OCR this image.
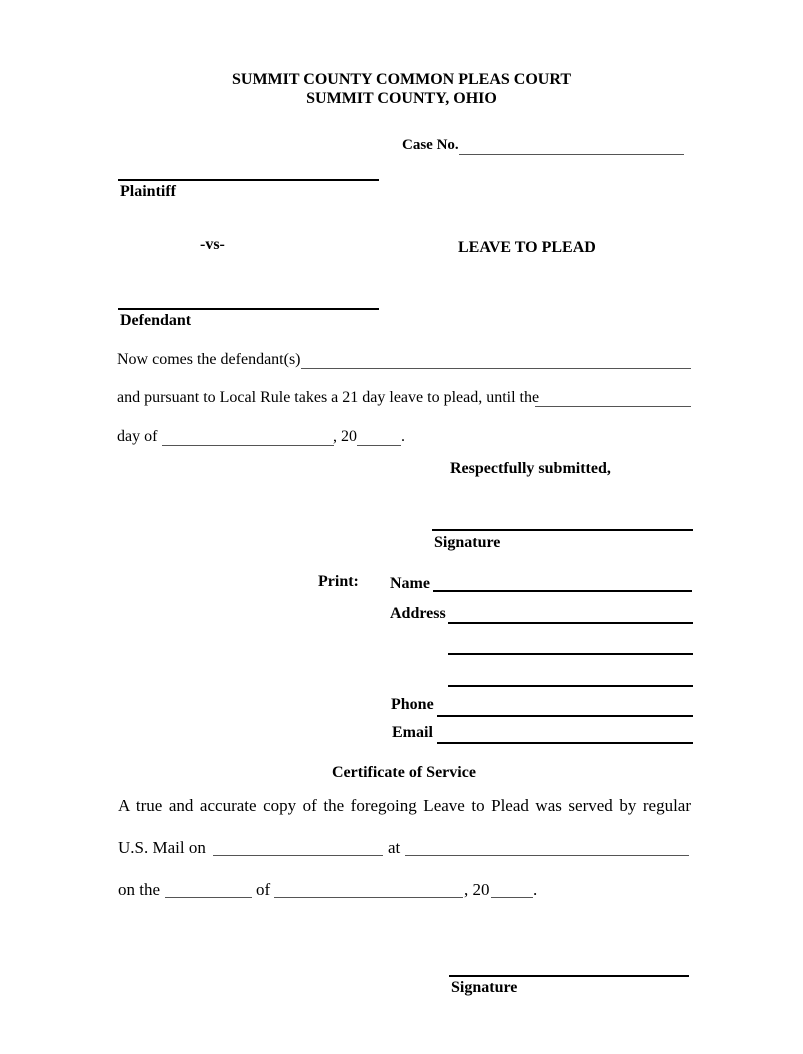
SUMMIT COUNTY COMMON PLEAS COURT
SUMMIT COUNTY, OHIO
Case No.
Plaintiff
-vs-	LEAVE TO PLEAD
Defendant
Now comes the defendant(s)
and pursuant to Local Rule takes a 21 day leave to plead, until the
day of	, 20	.
Respectfully submitted,
Signature
Print: Name
Address
Phone
Email
Certificate of Service
A true and accurate copy of the foregoing Leave to Plead was served by regular
U.S. Mail on	at
on the	of	, 20	.
Signature
